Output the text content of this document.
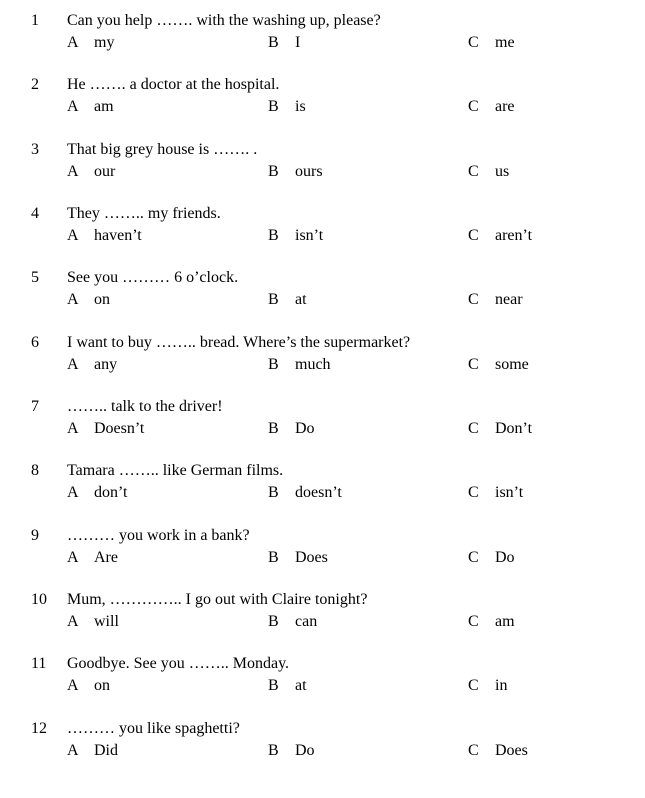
1 Can you help ……. with the washing up, please?
A my	B I	C me
2 He ……. a doctor at the hospital.
A am	B is	C are
3 That big grey house is ……. .
A our	B ours	C us
4 They …….. my friends.
A haven’t	B isn’t	C aren’t
5 See you ……… 6 o’clock.
A on	B at	C near
6 I want to buy …….. bread. Where’s the supermarket?
A any	B much	C some
7 …….. talk to the driver!
A Doesn’t	B Do	C Don’t
8 Tamara …….. like German films.
A don’t	B doesn’t	C isn’t
9 ……… you work in a bank?
A Are	B Does	C Do
10 Mum, ………….. I go out with Claire tonight?
A will	B can	C am
11 Goodbye. See you …….. Monday.
A on	B at	C in
12 ……… you like spaghetti?
A Did	B Do	C Does
